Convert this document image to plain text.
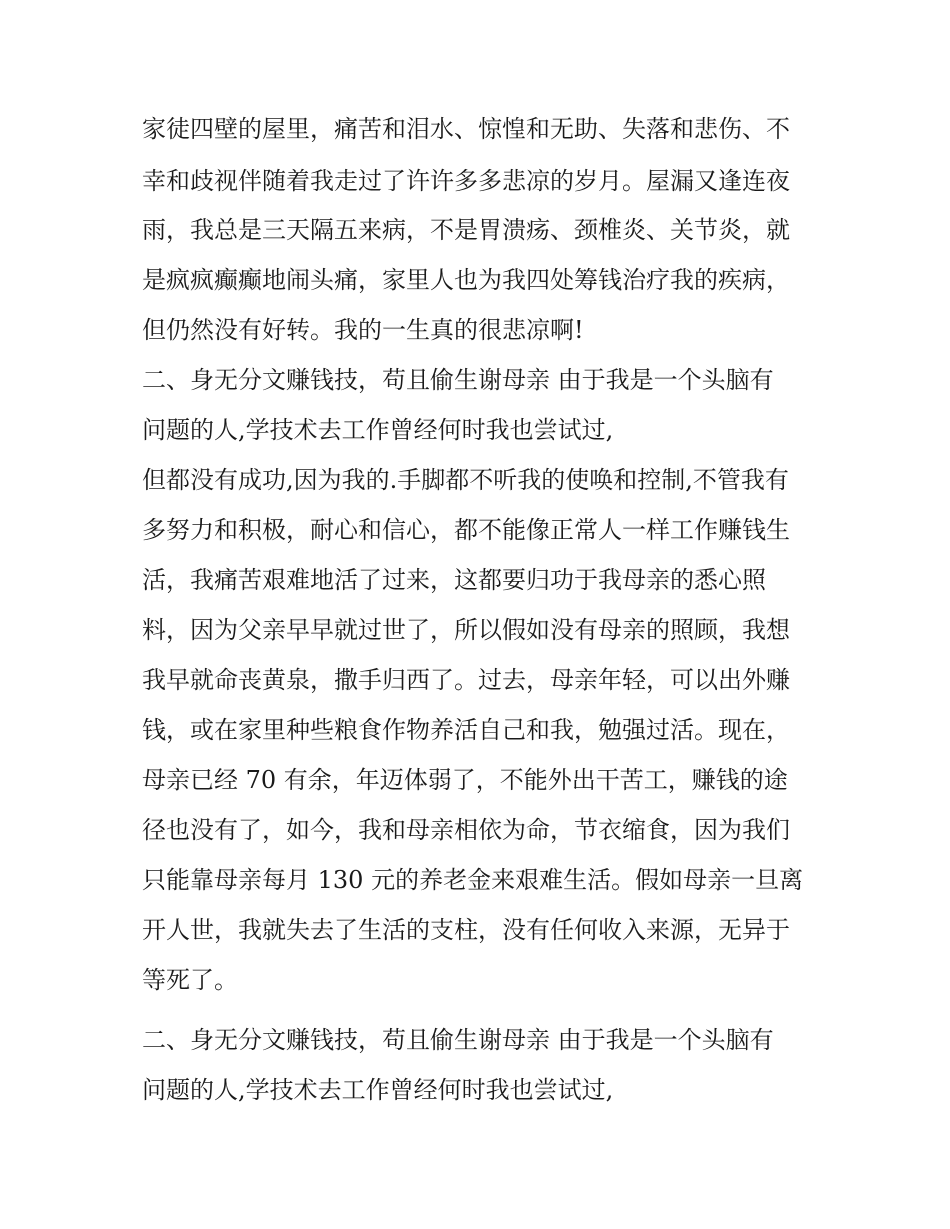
家徒四壁的屋里，痛苦和泪水、惊惶和无助、失落和悲伤、不
幸和歧视伴随着我走过了许许多多悲凉的岁月。屋漏又逢连夜
雨，我总是三天隔五来病，不是胃溃疡、颈椎炎、关节炎，就
是疯疯癫癫地闹头痛，家里人也为我四处筹钱治疗我的疾病，
但仍然没有好转。我的一生真的很悲凉啊!
二、身无分文赚钱技，苟且偷生谢母亲 由于我是一个头脑有
问题的人,学技术去工作曾经何时我也尝试过,
但都没有成功,因为我的.手脚都不听我的使唤和控制,不管我有
多努力和积极，耐心和信心，都不能像正常人一样工作赚钱生
活，我痛苦艰难地活了过来，这都要归功于我母亲的悉心照
料，因为父亲早早就过世了，所以假如没有母亲的照顾，我想
我早就命丧黄泉，撒手归西了。过去，母亲年轻，可以出外赚
钱，或在家里种些粮食作物养活自己和我，勉强过活。现在，
母亲已经 70 有余，年迈体弱了，不能外出干苦工，赚钱的途
径也没有了，如今，我和母亲相依为命，节衣缩食，因为我们
只能靠母亲每月 130 元的养老金来艰难生活。假如母亲一旦离
开人世，我就失去了生活的支柱，没有任何收入来源，无异于
等死了。
二、身无分文赚钱技，苟且偷生谢母亲 由于我是一个头脑有
问题的人,学技术去工作曾经何时我也尝试过,
